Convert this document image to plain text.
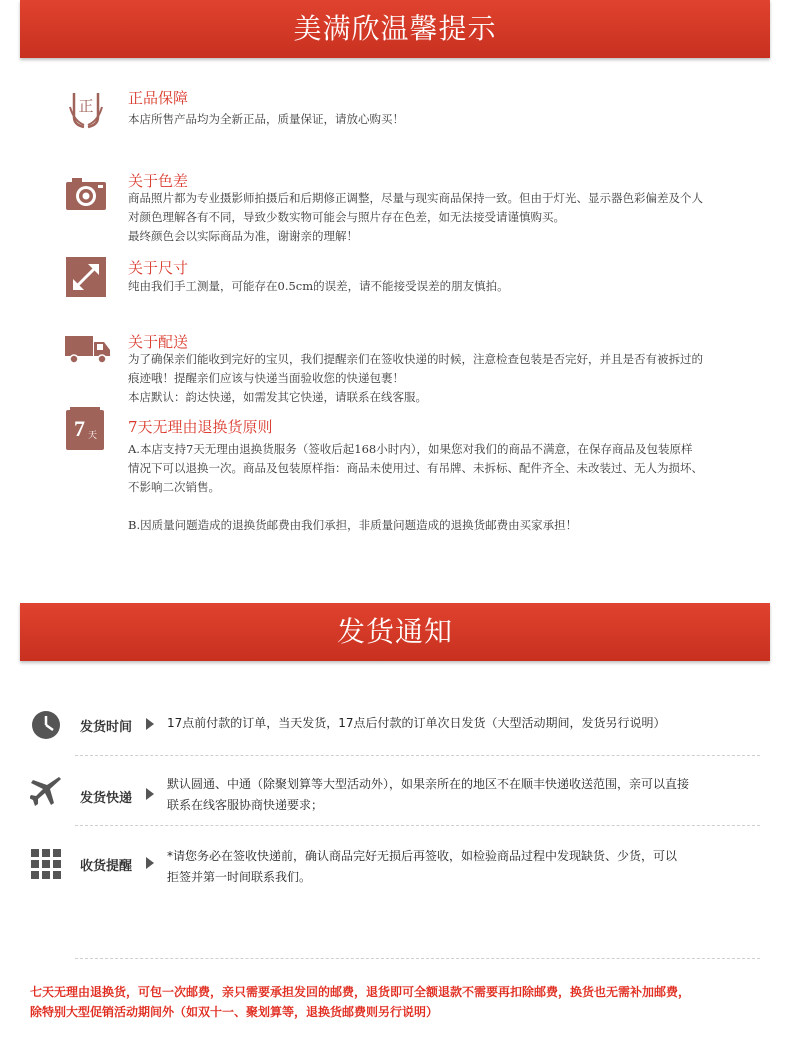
美满欣温馨提示
正 正品保障

本店所售产品均为全新正品，质量保证，请放心购买！

关于色差

商品照片都为专业摄影师拍摄后和后期修正调整，尽量与现实商品保持一致。但由于灯光、显示器色彩偏差及个人

对颜色理解各有不同，导致少数实物可能会与照片存在色差，如无法接受请谨慎购买。

最终颜色会以实际商品为准，谢谢亲的理解！

关于尺寸

纯由我们手工测量，可能存在0.5cm的误差，请不能接受误差的朋友慎拍。

关于配送

为了确保亲们能收到完好的宝贝，我们提醒亲们在签收快递的时候，注意检查包装是否完好，并且是否有被拆过的

痕迹哦！提醒亲们应该与快递当面验收您的快递包裹！

本店默认：韵达快递，如需发其它快递，请联系在线客服。

7 天 7天无理由退换货原则

A.本店支持7天无理由退换货服务（签收后起168小时内），如果您对我们的商品不满意，在保存商品及包装原样

情况下可以退换一次。商品及包装原样指：商品未使用过、有吊牌、未拆标、配件齐全、未改装过、无人为损坏、

不影响二次销售。

B.因质量问题造成的退换货邮费由我们承担，非质量问题造成的退换货邮费由买家承担！

发货通知
发货时间	17点前付款的订单，当天发货，17点后付款的订单次日发货（大型活动期间，发货另行说明）

发货快递

默认圆通、中通（除聚划算等大型活动外），如果亲所在的地区不在顺丰快递收送范围，亲可以直接

联系在线客服协商快递要求；

收货提醒

*请您务必在签收快递前，确认商品完好无损后再签收，如检验商品过程中发现缺货、少货，可以

拒签并第一时间联系我们。

七天无理由退换货，可包一次邮费，亲只需要承担发回的邮费，退货即可全额退款不需要再扣除邮费，换货也无需补加邮费，

除特别大型促销活动期间外（如双十一、聚划算等，退换货邮费则另行说明）
